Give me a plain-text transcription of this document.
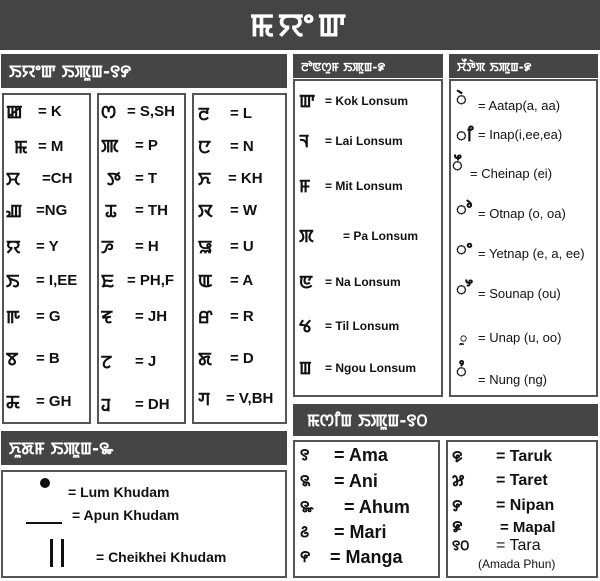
ꯃꯌꯦꯛ
ꯏꯌꯦꯛ ꯏꯄꯨꯡ-꯱꯸
ꯀ	= K
ꯃ = M
ꯆ	=CH
ꯉ =NG
ꯌ	= Y
ꯏ	= I,EE
ꯒ	= G
ꯕ	= B
ꯘ	= GH
ꯁ = S,SH
ꯄ	= P
ꯇ = T
ꯊ	= TH
ꯍ	= H
ꯐ = PH,F
ꯓ	= JH
ꯖ	= J
ꯙ	= DH
ꯂ	= L
ꯅ	= N
ꯈ	= KH
ꯋ	= W
ꯎ	= U
ꯑ	= A
ꯔ	= R
ꯗ	= D
ꯚ	= V,BH
ꯂꯣꯟꯁꯨꯝ ꯏꯄꯨꯡ-꯹
ꯛ = Kok Lonsum
ꯜ	= Lai Lonsum
ꯝ	= Mit Lonsum
ꯞ	= Pa Lonsum
ꯟ	= Na Lonsum
ꯠ	= Til Lonsum
ꯡ	= Ngou Lonsum
ꯆꯩꯇꯥꯞ ꯏꯄꯨꯡ-꯹
ꯥ = Aatap(a, aa)
ꯤ = Inap(i,ee,ea)
ꯩ = Cheinap (ei)
ꯣ = Otnap (o, oa)
ꯦ = Yetnap (e, a, ee)
ꯧ = Sounap (ou)
ꯨ = Unap (u, oo)
ꯪ = Nung (ng)
ꯈꯨꯗꯝ ꯏꯄꯨꯡ-꯳
= Lum Khudam
= Apun Khudam
= Cheikhei Khudam
ꯃꯁꯤꯡ ꯏꯄꯨꯡ-꯱꯰
꯱	= Ama
꯲	= Ani
꯳	= Ahum
꯴	= Mari
꯵	= Manga
꯶	= Taruk
꯷	= Taret
꯸	= Nipan
꯹	= Mapal
꯱꯰	= Tara
(Amada Phun)
